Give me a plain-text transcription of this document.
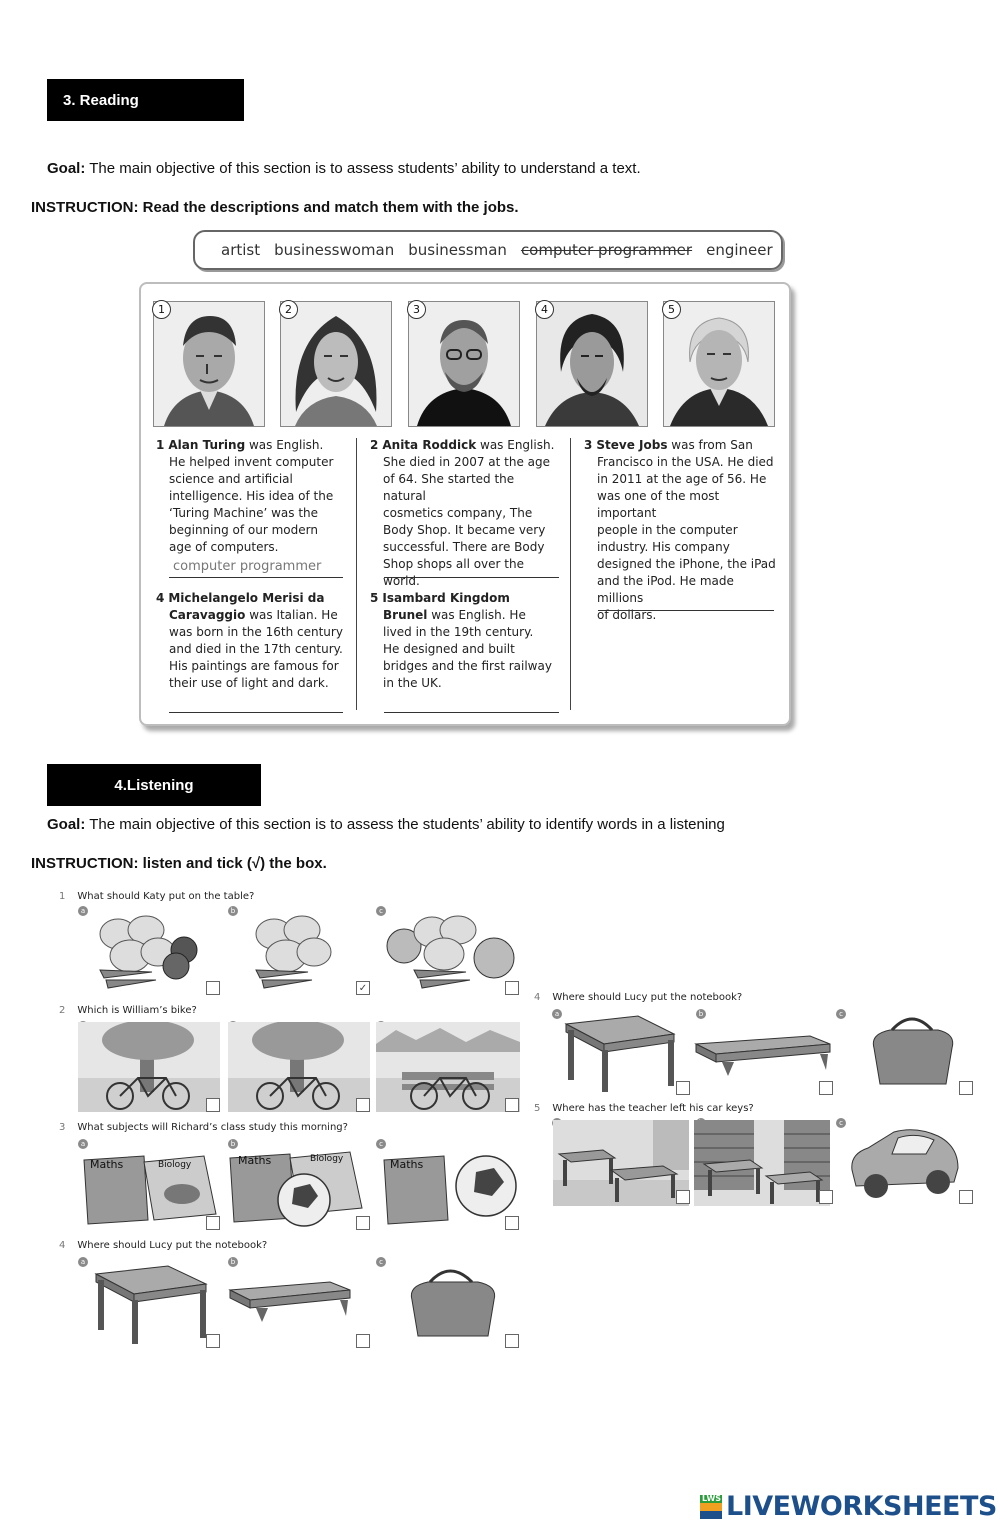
3. Reading
Goal: The main objective of this section is to assess students’ ability to understand a text.
INSTRUCTION: Read the descriptions and match them with the jobs.
artist businesswoman businessman computer programmer engineer
1	2	3	4	5
1 Alan Turing was English.
He helped invent computer
science and artificial
intelligence. His idea of the
‘Turing Machine’ was the
beginning of our modern
age of computers.
computer programmer
2 Anita Roddick was English.
She died in 2007 at the age
of 64. She started the natural
cosmetics company, The
Body Shop. It became very
successful. There are Body
Shop shops all over the world.
3 Steve Jobs was from San
Francisco in the USA. He died
in 2011 at the age of 56. He
was one of the most important
people in the computer
industry. His company
designed the iPhone, the iPad
and the iPod. He made millions
of dollars.
4 Michelangelo Merisi da
Caravaggio was Italian. He
was born in the 16th century
and died in the 17th century.
His paintings are famous for
their use of light and dark.
5 Isambard Kingdom
Brunel was English. He
lived in the 19th century.
He designed and built
bridges and the first railway
in the UK.
4.Listening
Goal: The main objective of this section is to assess the students’ ability to identify words in a listening
INSTRUCTION: listen and tick (√) the box.
1 What should Katy put on the table?
a	b	c
✓
2 Which is William’s bike?
3 What subjects will Richard’s class study this morning?
a	b	c
Maths	Biology	Maths	Biology	Maths
4 Where should Lucy put the notebook?
a	b	c
4 Where should Lucy put the notebook?
a	b	c
5 Where has the teacher left his car keys?
c
LWS LIVEWORKSHEETS
